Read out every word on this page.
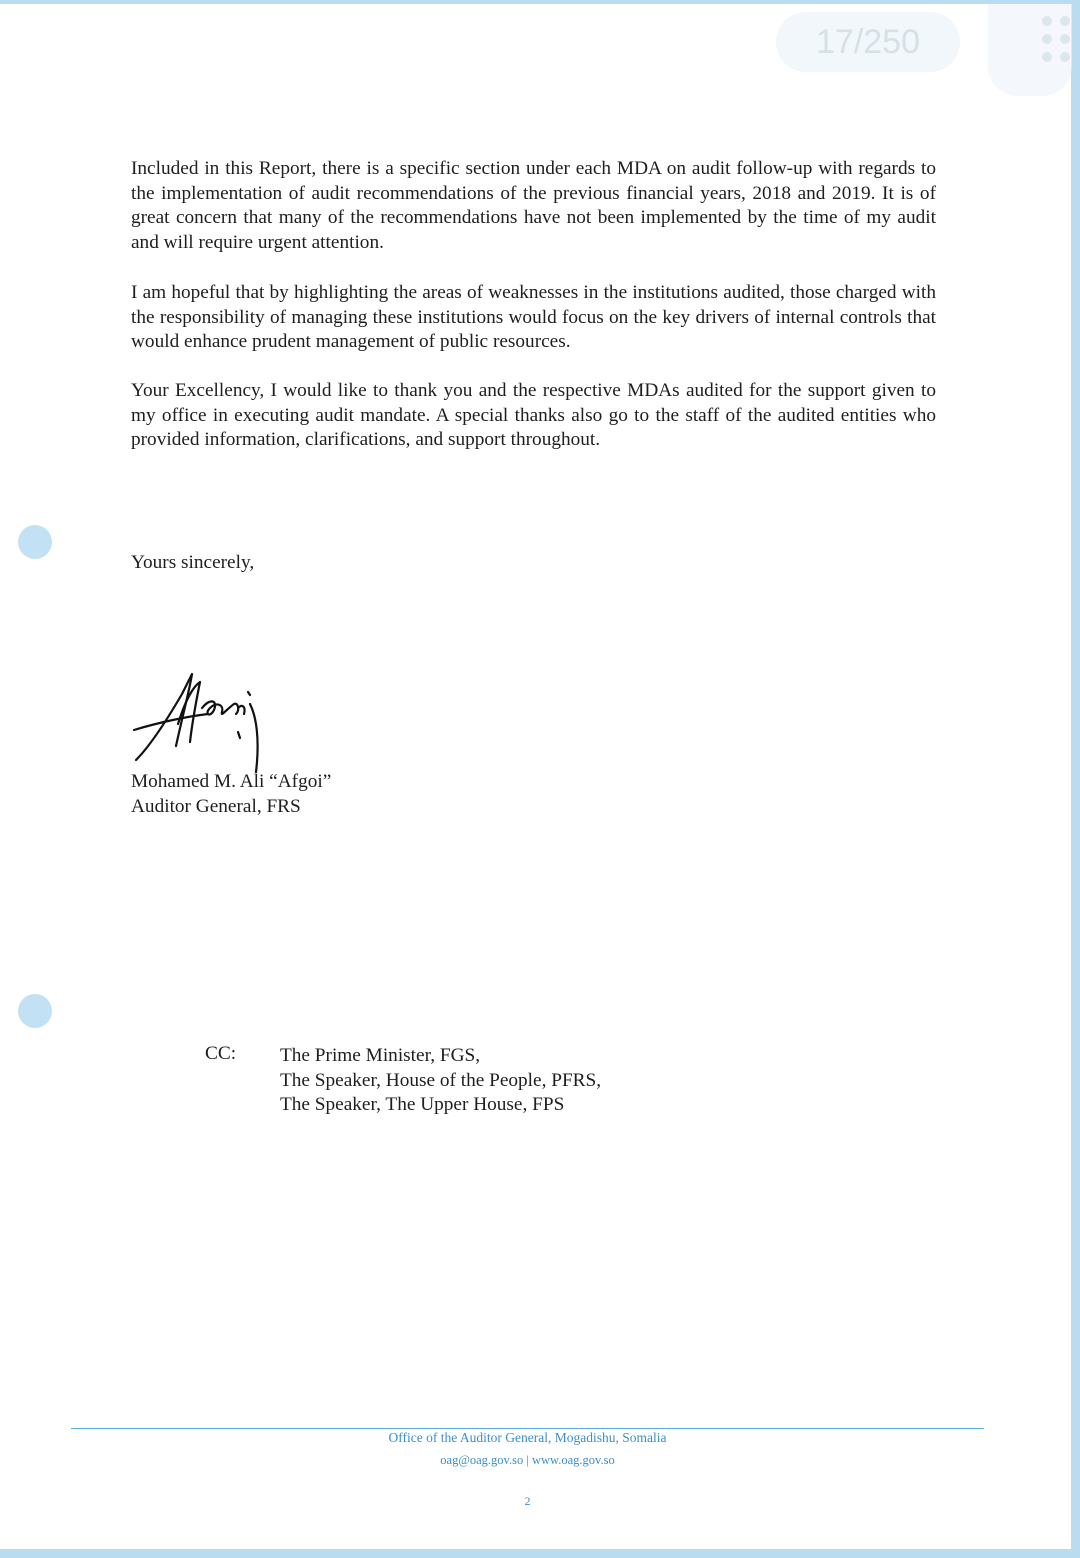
Included in this Report, there is a specific section under each MDA on audit follow-up with regards to the implementation of audit recommendations of the previous financial years, 2018 and 2019. It is of great concern that many of the recommendations have not been implemented by the time of my audit and will require urgent attention.

I am hopeful that by highlighting the areas of weaknesses in the institutions audited, those charged with the responsibility of managing these institutions would focus on the key drivers of internal controls that would enhance prudent management of public resources.

Your Excellency, I would like to thank you and the respective MDAs audited for the support given to my office in executing audit mandate. A special thanks also go to the staff of the audited entities who provided information, clarifications, and support throughout.

Yours sincerely,

Mohamed M. Ali “Afgoi”

Auditor General, FRS

CC: The Prime Minister, FGS,
The Speaker, House of the People, PFRS,
The Speaker, The Upper House, FPS
Office of the Auditor General, Mogadishu, Somalia
oag@oag.gov.so | www.oag.gov.so
2
17/250
